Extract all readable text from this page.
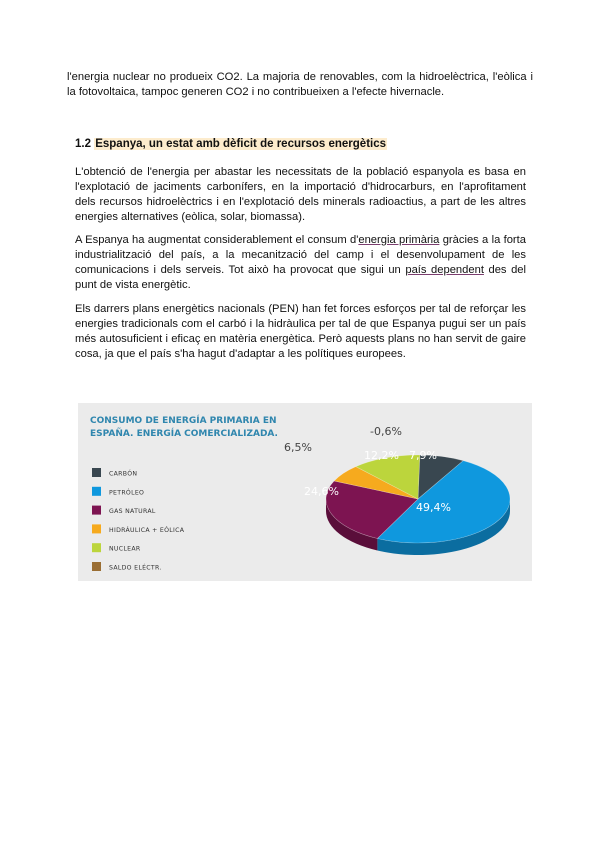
l'energia nuclear no produeix CO2. La majoria de renovables, com la hidroelèctrica, l'eòlica i la fotovoltaica, tampoc generen CO2 i no contribueixen a l'efecte hivernacle.

1.2 Espanya, un estat amb dèficit de recursos energètics

L'obtenció de l'energia per abastar les necessitats de la població espanyola es basa en l'explotació de jaciments carbonífers, en la importació d'hidrocarburs, en l'aprofitament dels recursos hidroelèctrics i en l'explotació dels minerals radioactius, a part de les altres energies alternatives (eòlica, solar, biomassa).

A Espanya ha augmentat considerablement el consum d'energia primària gràcies a la forta industrialització del país, a la mecanització del camp i el desenvolupament de les comunicacions i dels serveis. Tot això ha provocat que sigui un país dependent des del punt de vista energètic.

Els darrers plans energètics nacionals (PEN) han fet forces esforços per tal de reforçar les energies tradicionals com el carbó i la hidràulica per tal de que Espanya pugui ser un país més autosuficient i eficaç en matèria energètica. Però aquests plans no han servit de gaire cosa, ja que el país s'ha hagut d'adaptar a les polítiques europees.

CONSUMO DE ENERGÍA PRIMARIA EN
ESPAÑA. ENERGÍA COMERCIALIZADA.
CARBÓN
PETRÓLEO
GAS NATURAL
HIDRÁULICA + EÓLICA
NUCLEAR
SALDO ELÉCTR.
7,9%
49,4%
24,6%
6,5%
12,2%
-0,6%
